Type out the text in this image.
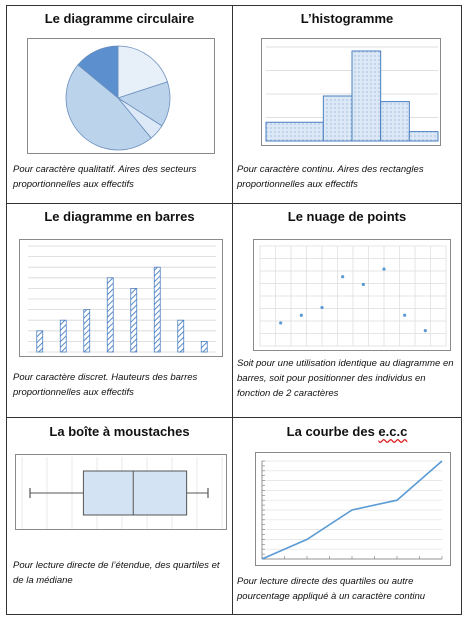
Le diagramme circulaire
Pour caractère qualitatif. Aires des secteurs proportionnelles aux effectifs
L’histogramme
Pour caractère continu. Aires des rectangles proportionnelles aux effectifs
Le diagramme en barres
Pour caractère discret. Hauteurs des barres proportionnelles aux effectifs
Le nuage de points
Soit pour une utilisation identique au diagramme en barres, soit pour positionner des individus en fonction de 2 caractères
La boîte à moustaches
Pour lecture directe de l’étendue, des quartiles et de la médiane
La courbe des e.c.c
Pour lecture directe des quartiles ou autre pourcentage appliqué à un caractère continu
